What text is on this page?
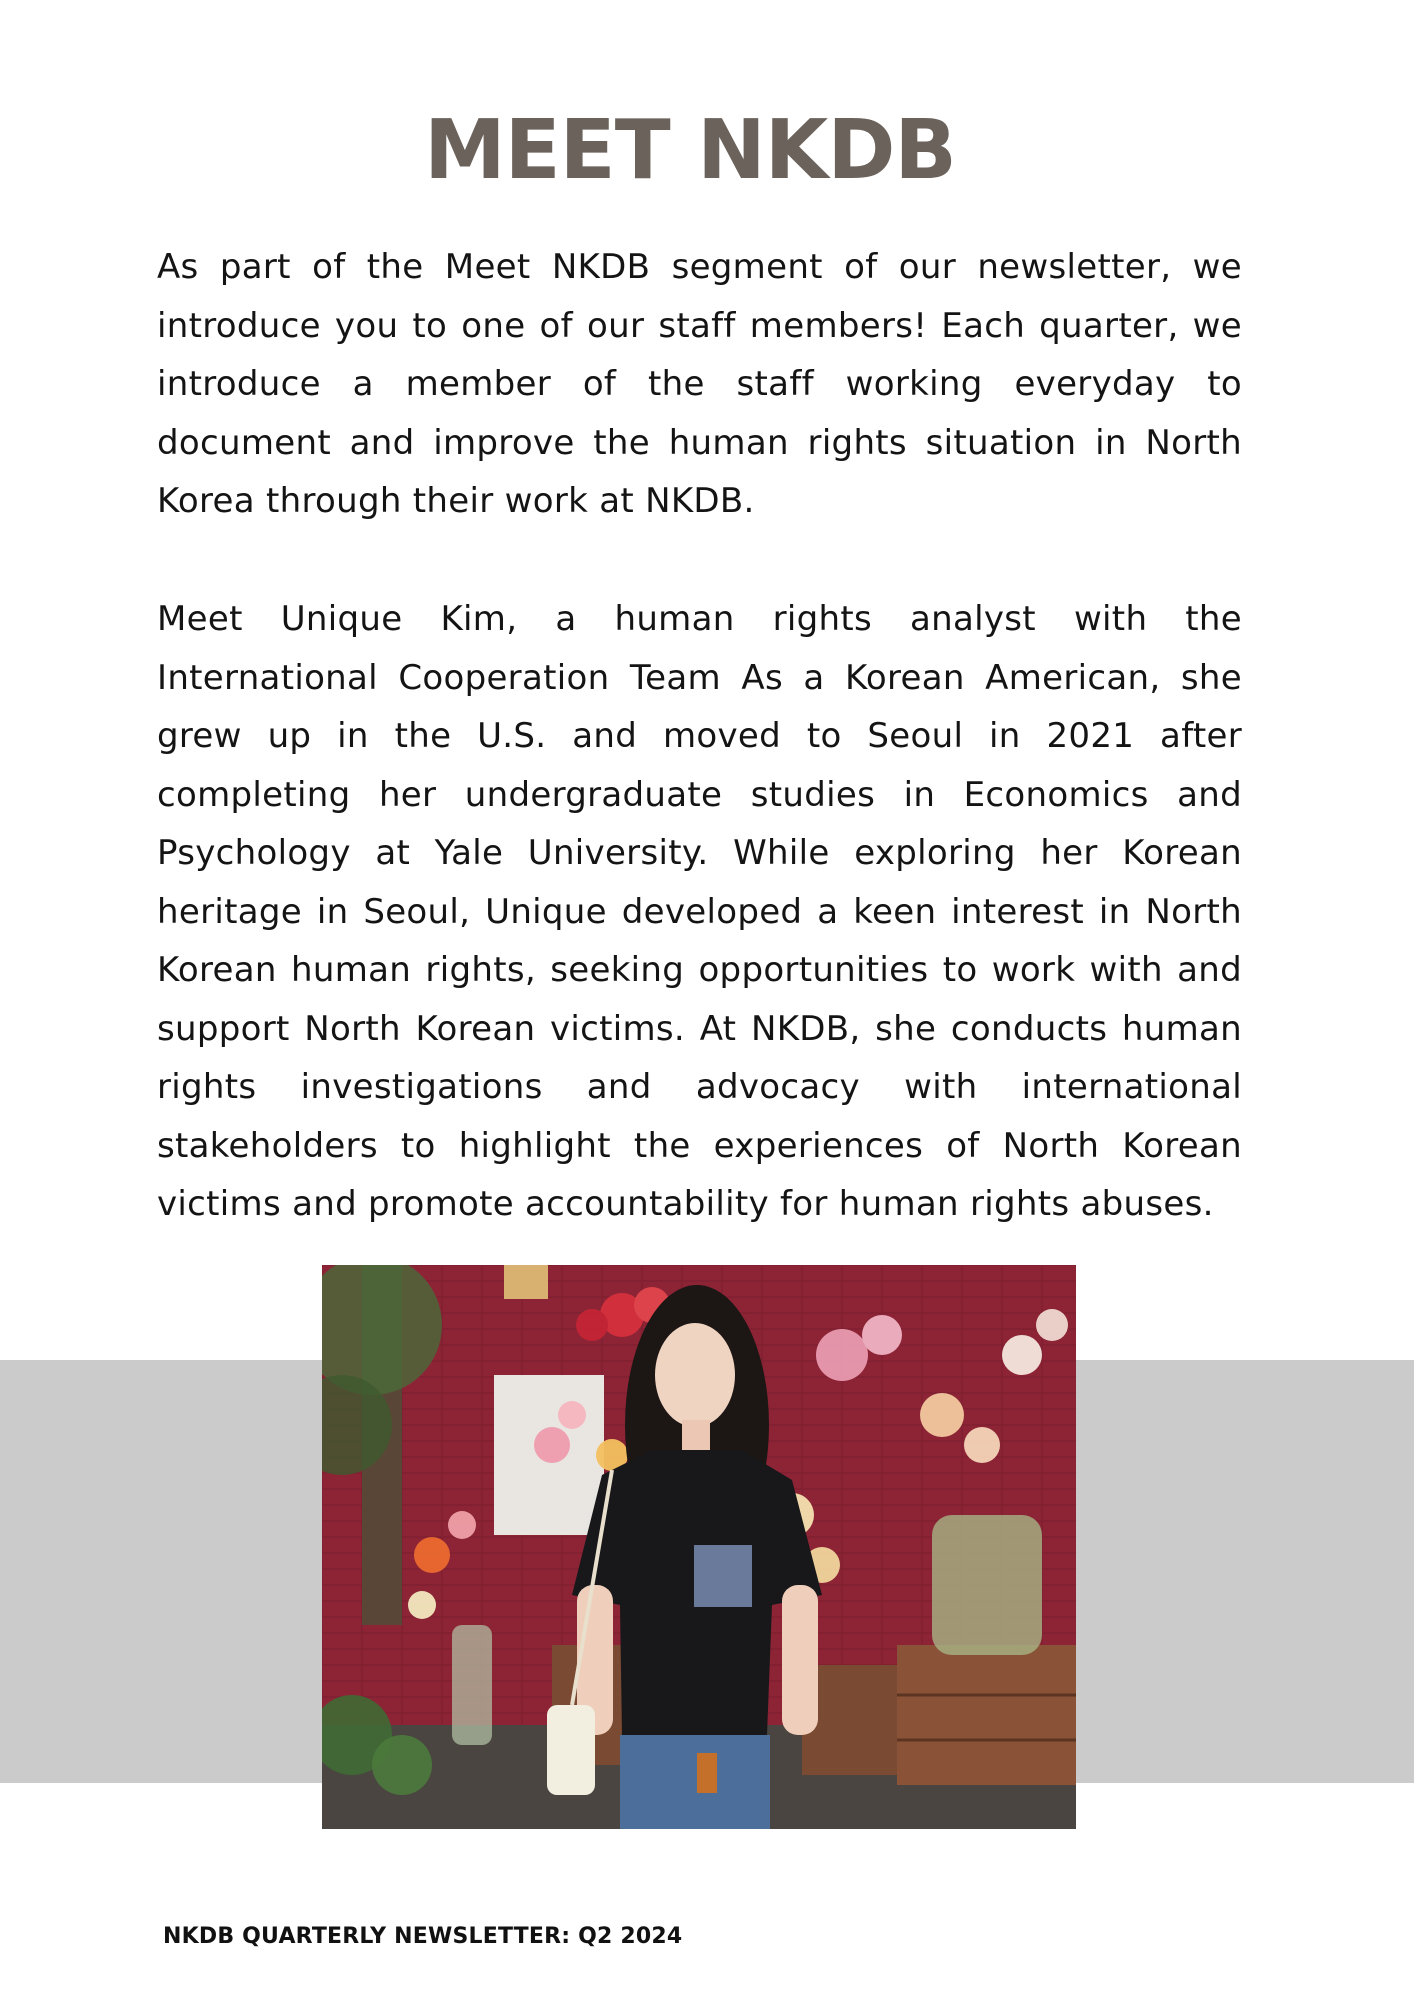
MEET NKDB

As part of the Meet NKDB segment of our newsletter, we introduce you to one of our staff members! Each quarter, we introduce a member of the staff working everyday to document and improve the human rights situation in North Korea through their work at NKDB.

Meet Unique Kim, a human rights analyst with the International Cooperation Team As a Korean American, she grew up in the U.S. and moved to Seoul in 2021 after completing her undergraduate studies in Economics and Psychology at Yale University. While exploring her Korean heritage in Seoul, Unique developed a keen interest in North Korean human rights, seeking opportunities to work with and support North Korean victims. At NKDB, she conducts human rights investigations and advocacy with international stakeholders to highlight the experiences of North Korean victims and promote accountability for human rights abuses.

NKDB QUARTERLY NEWSLETTER: Q2 2024
